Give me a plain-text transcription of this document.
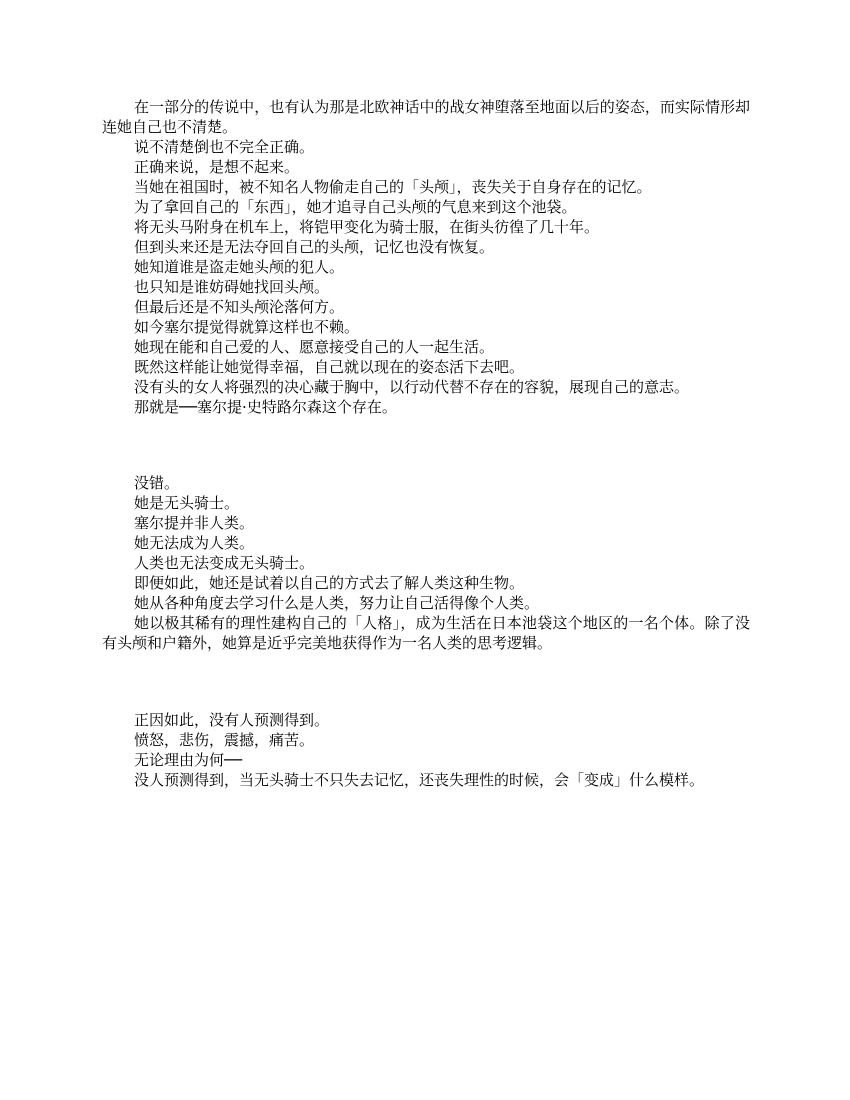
在一部分的传说中，也有认为那是北欧神话中的战女神堕落至地面以后的姿态，而实际情形却连她自己也不清楚。

说不清楚倒也不完全正确。

正确来说，是想不起来。

当她在祖国时，被不知名人物偷走自己的「头颅」，丧失关于自身存在的记忆。

为了拿回自己的「东西」，她才追寻自己头颅的气息来到这个池袋。

将无头马附身在机车上，将铠甲变化为骑士服，在街头彷徨了几十年。

但到头来还是无法夺回自己的头颅，记忆也没有恢复。

她知道谁是盗走她头颅的犯人。

也只知是谁妨碍她找回头颅。

但最后还是不知头颅沦落何方。

如今塞尔提觉得就算这样也不赖。

她现在能和自己爱的人、愿意接受自己的人一起生活。

既然这样能让她觉得幸福，自己就以现在的姿态活下去吧。

没有头的女人将强烈的决心藏于胸中，以行动代替不存在的容貌，展现自己的意志。

那就是──塞尔提·史特路尔森这个存在。

没错。

她是无头骑士。

塞尔提并非人类。

她无法成为人类。

人类也无法变成无头骑士。

即便如此，她还是试着以自己的方式去了解人类这种生物。

她从各种角度去学习什么是人类，努力让自己活得像个人类。

她以极其稀有的理性建构自己的「人格」，成为生活在日本池袋这个地区的一名个体。除了没有头颅和户籍外，她算是近乎完美地获得作为一名人类的思考逻辑。

正因如此，没有人预测得到。

愤怒，悲伤，震撼，痛苦。

无论理由为何──

没人预测得到，当无头骑士不只失去记忆，还丧失理性的时候，会「变成」什么模样。
